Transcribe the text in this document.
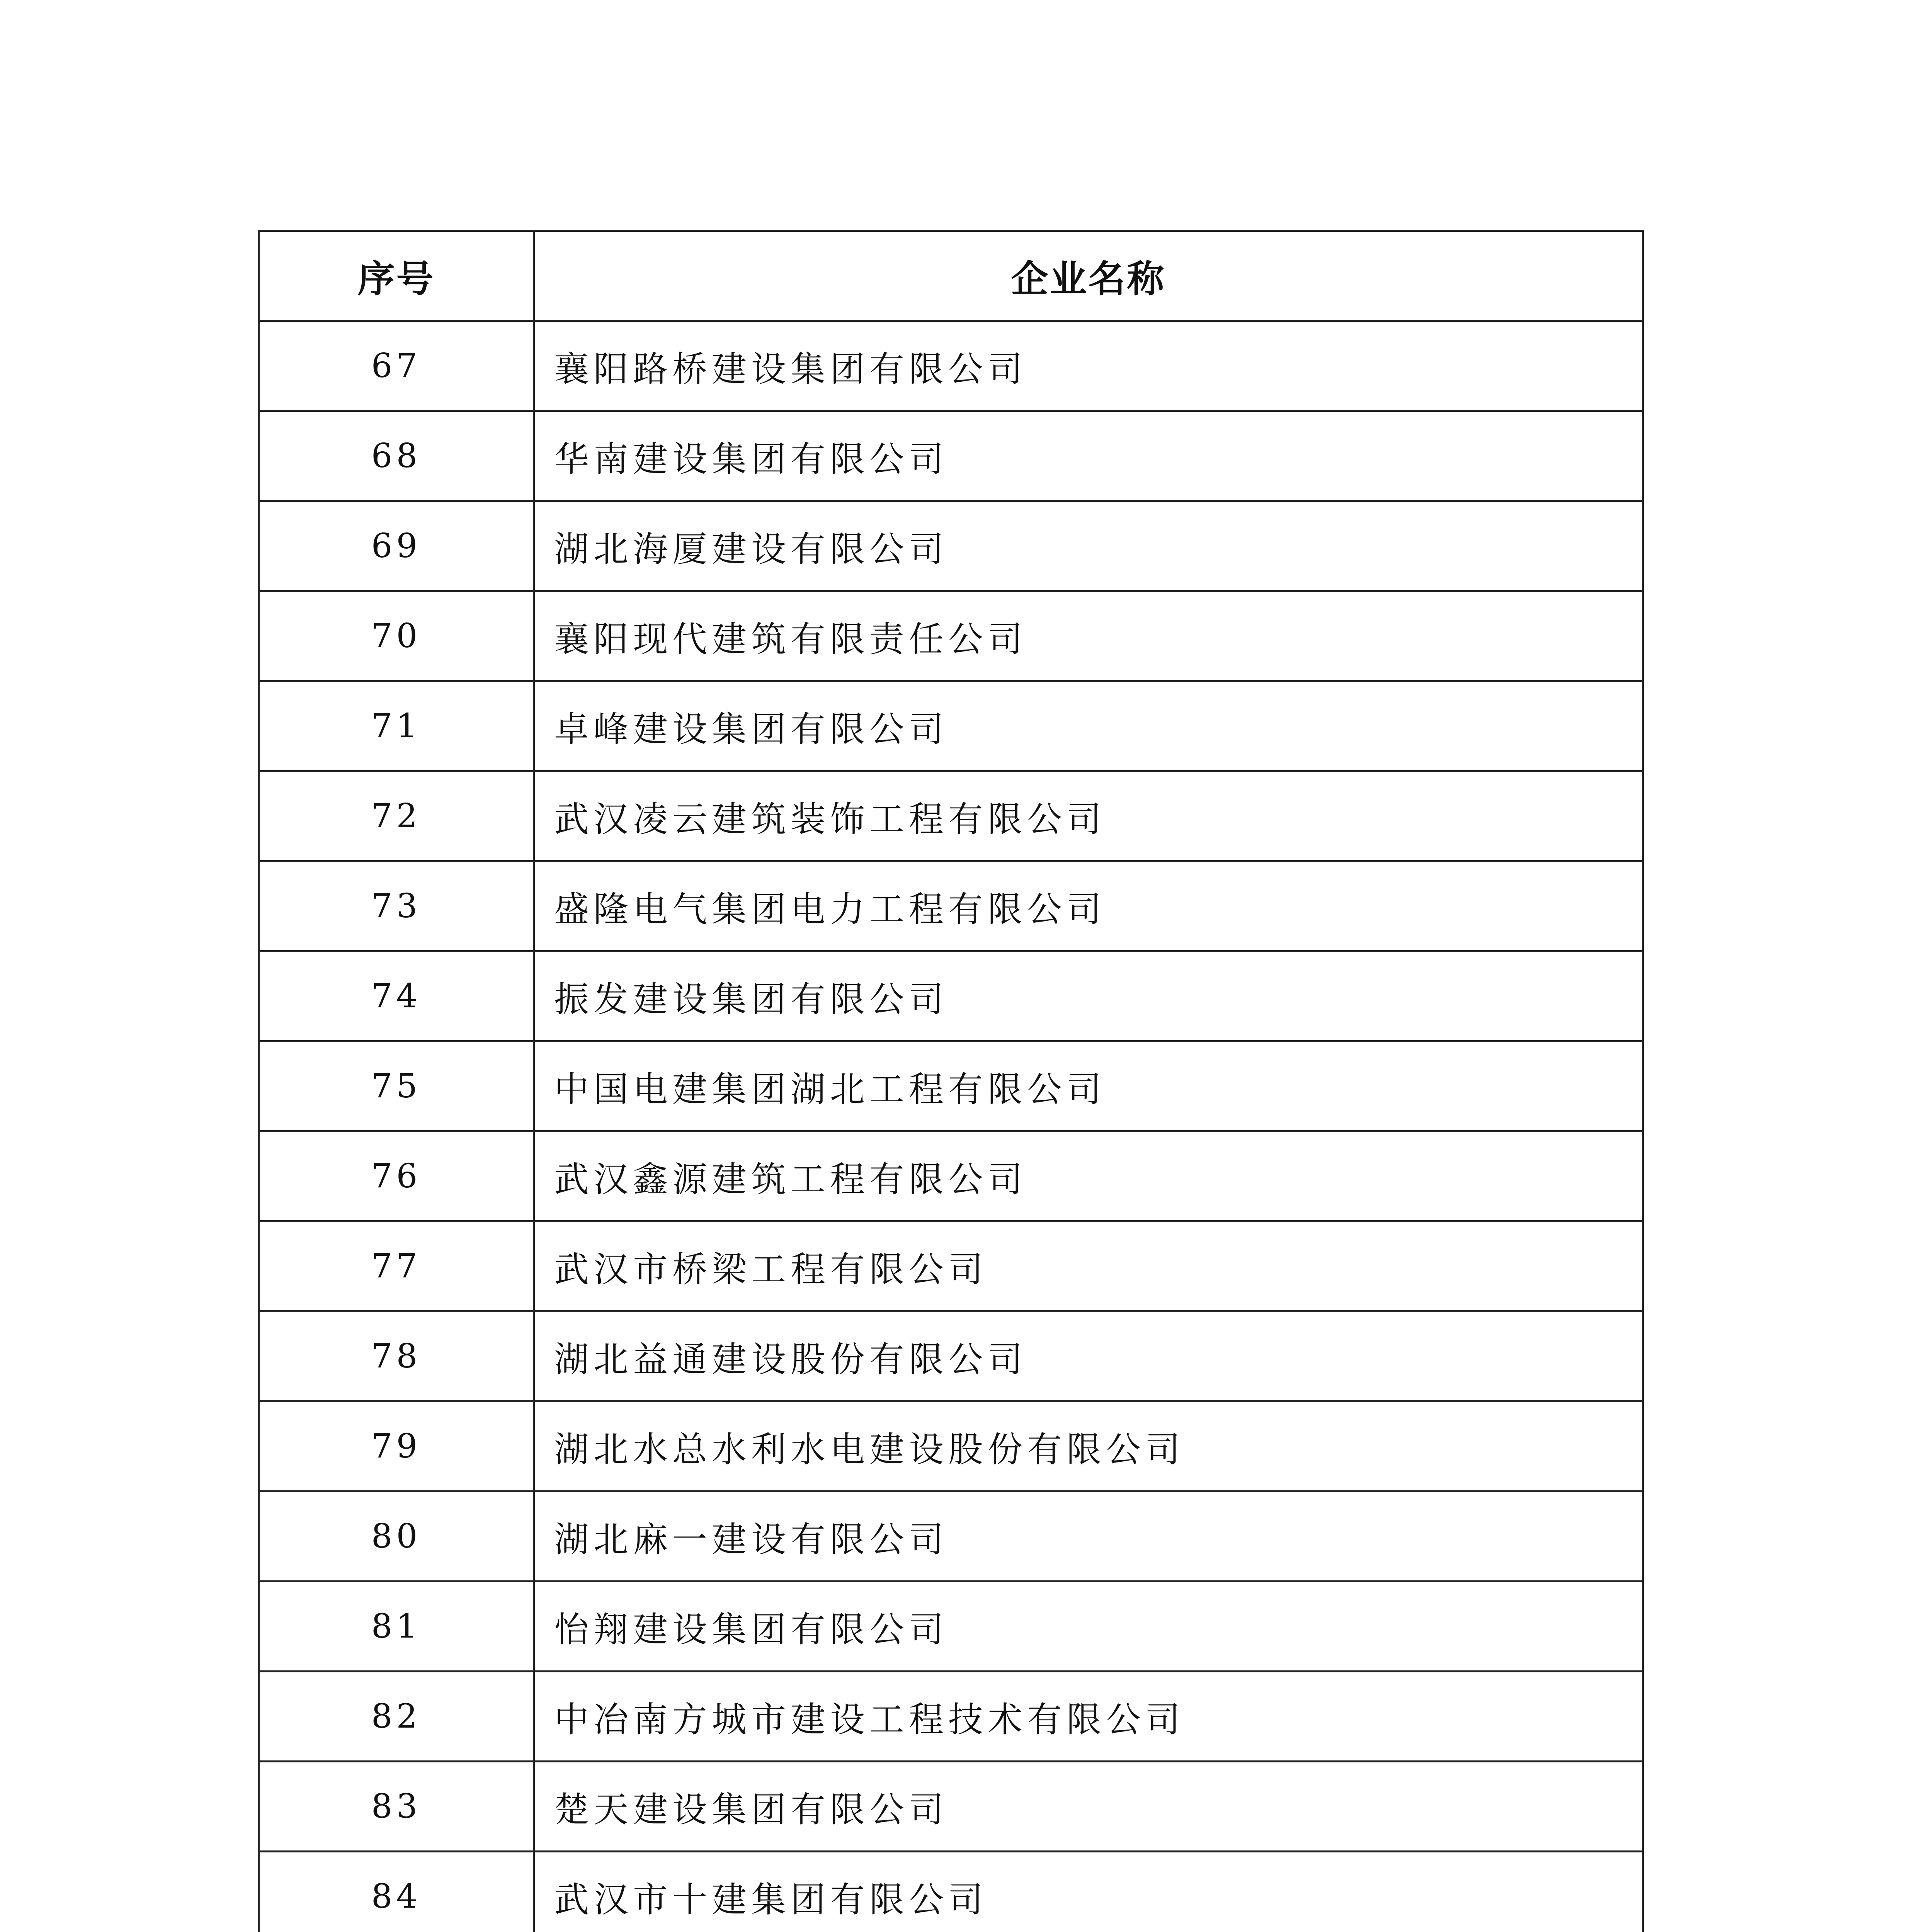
序号	企业名称
67	襄阳路桥建设集团有限公司
68	华南建设集团有限公司
69	湖北海厦建设有限公司
70	襄阳现代建筑有限责任公司
71	卓峰建设集团有限公司
72	武汉凌云建筑装饰工程有限公司
73	盛隆电气集团电力工程有限公司
74	振发建设集团有限公司
75	中国电建集团湖北工程有限公司
76	武汉鑫源建筑工程有限公司
77	武汉市桥梁工程有限公司
78	湖北益通建设股份有限公司
79	湖北水总水利水电建设股份有限公司
80	湖北麻一建设有限公司
81	怡翔建设集团有限公司
82	中冶南方城市建设工程技术有限公司
83	楚天建设集团有限公司
84	武汉市十建集团有限公司
